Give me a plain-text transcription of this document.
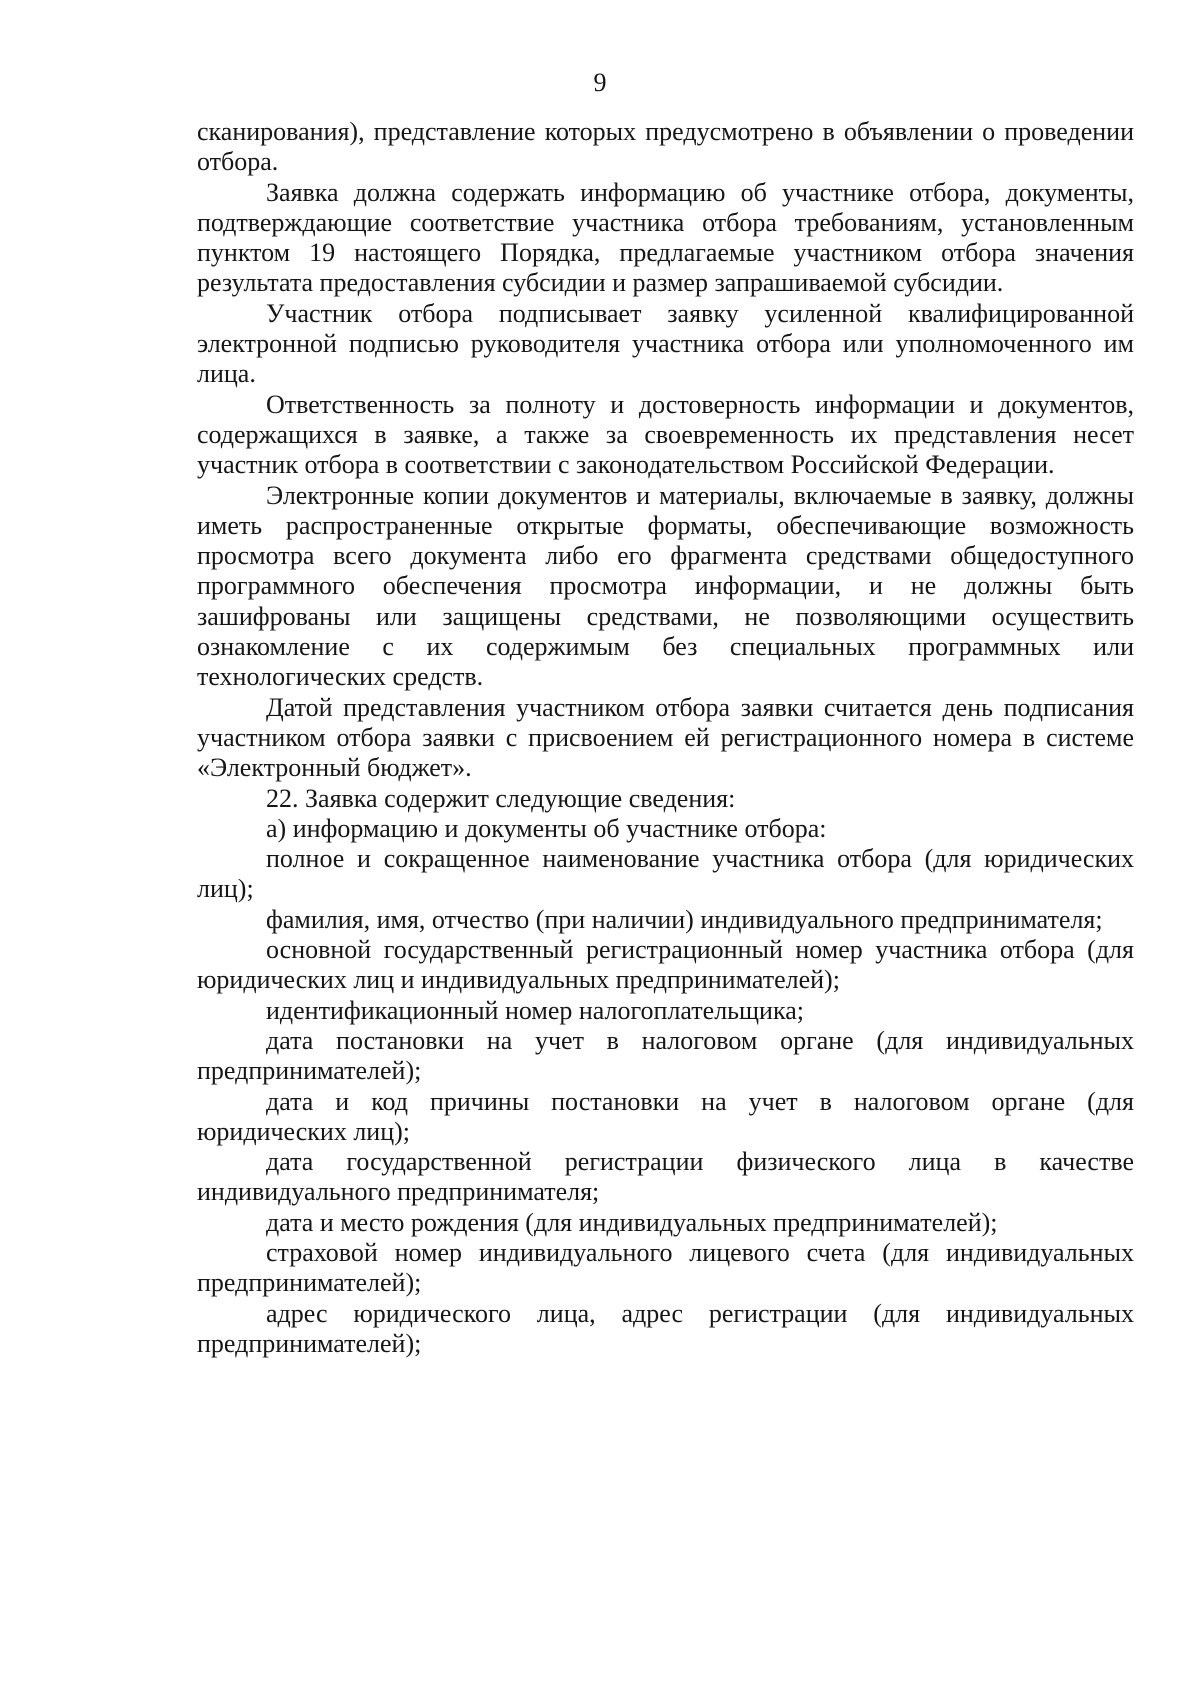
9

сканирования), представление которых предусмотрено в объявлении о проведении отбора.

Заявка должна содержать информацию об участнике отбора, документы, подтверждающие соответствие участника отбора требованиям, установленным пунктом 19 настоящего Порядка, предлагаемые участником отбора значения результата предоставления субсидии и размер запрашиваемой субсидии.

Участник отбора подписывает заявку усиленной квалифицированной электронной подписью руководителя участника отбора или уполномоченного им лица.

Ответственность за полноту и достоверность информации и документов, содержащихся в заявке, а также за своевременность их представления несет участник отбора в соответствии с законодательством Российской Федерации.

Электронные копии документов и материалы, включаемые в заявку, должны иметь распространенные открытые форматы, обеспечивающие возможность просмотра всего документа либо его фрагмента средствами общедоступного программного обеспечения просмотра информации, и не должны быть зашифрованы или защищены средствами, не позволяющими осуществить ознакомление с их содержимым без специальных программных или технологических средств.

Датой представления участником отбора заявки считается день подписания участником отбора заявки с присвоением ей регистрационного номера в системе «Электронный бюджет».

22. Заявка содержит следующие сведения:

а) информацию и документы об участнике отбора:

полное и сокращенное наименование участника отбора (для юридических лиц);

фамилия, имя, отчество (при наличии) индивидуального предпринимателя;

основной государственный регистрационный номер участника отбора (для юридических лиц и индивидуальных предпринимателей);

идентификационный номер налогоплательщика;

дата постановки на учет в налоговом органе (для индивидуальных предпринимателей);

дата и код причины постановки на учет в налоговом органе (для юридических лиц);

дата государственной регистрации физического лица в качестве индивидуального предпринимателя;

дата и место рождения (для индивидуальных предпринимателей);

страховой номер индивидуального лицевого счета (для индивидуальных предпринимателей);

адрес юридического лица, адрес регистрации (для индивидуальных предпринимателей);
